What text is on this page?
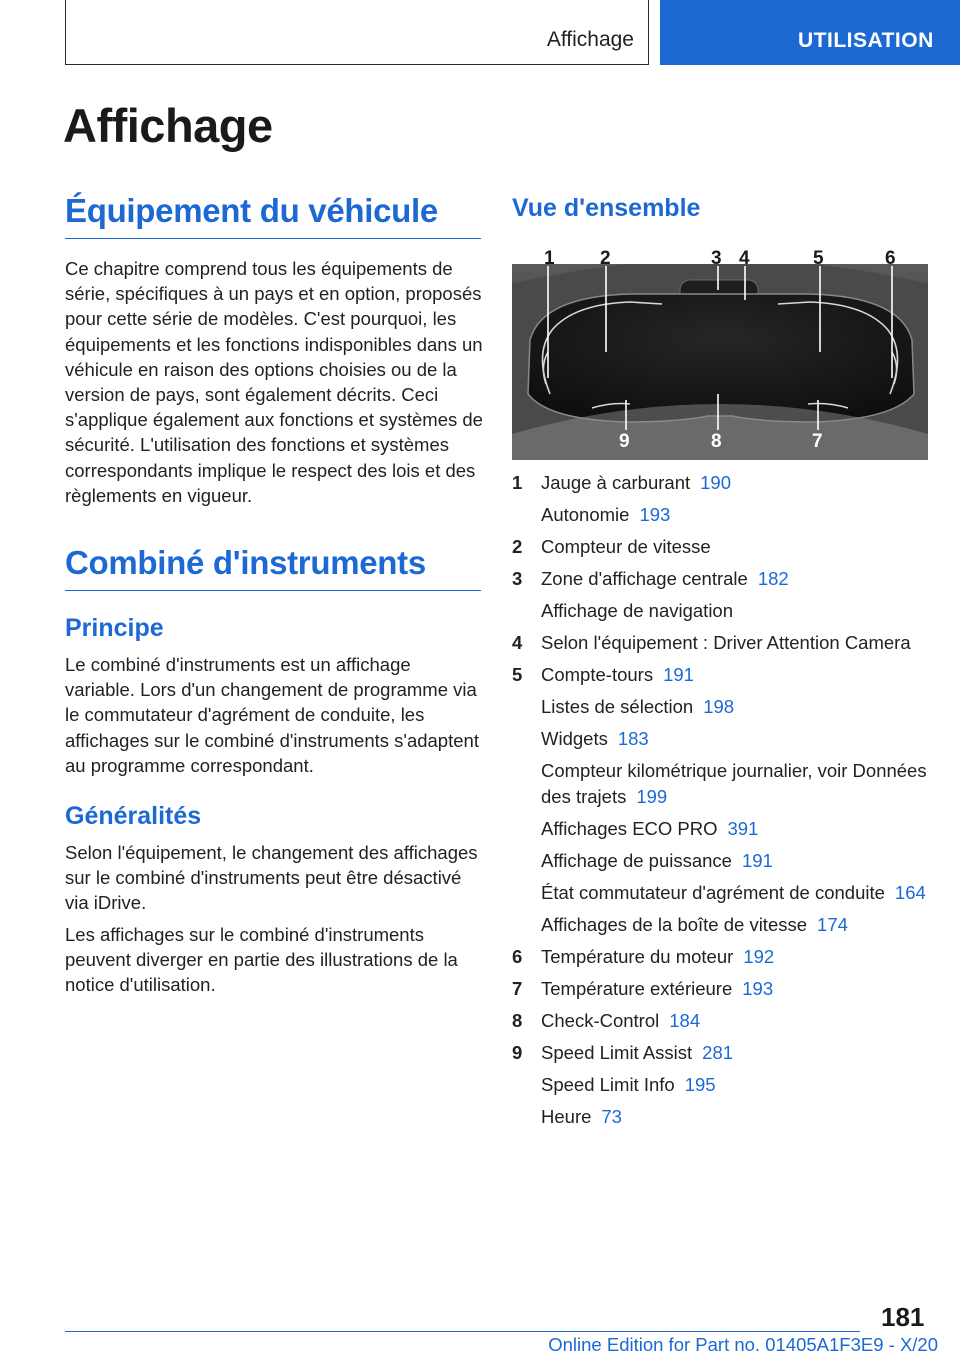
Affichage	UTILISATION
Affichage
Équipement du véhicule

Ce chapitre comprend tous les équipements de série, spécifiques à un pays et en option, proposés pour cette série de modèles. C'est pourquoi, les équipements et les fonctions indisponibles dans un véhicule en raison des options choisies ou de la version de pays, sont également décrits. Ceci s'applique également aux fonctions et systèmes de sécurité. L'utilisation des fonctions et systèmes correspondants implique le respect des lois et des règlements en vigueur.

Combiné d'instruments
Principe

Le combiné d'instruments est un affichage variable. Lors d'un changement de programme via le commutateur d'agrément de conduite, les affichages sur le combiné d'instruments s'adaptent au programme correspondant.

Généralités

Selon l'équipement, le changement des affichages sur le combiné d'instruments peut être désactivé via iDrive.

Les affichages sur le combiné d'instruments peuvent diverger en partie des illustrations de la notice d'utilisation.

Vue d'ensemble
1 2	3 4	5	6
9	8	7
1	Jauge à carburant 190
Autonomie 193
2	Compteur de vitesse
3	Zone d'affichage centrale 182
Affichage de navigation
4	Selon l'équipement : Driver Attention Camera
5	Compte-tours 191
Listes de sélection 198
Widgets 183
Compteur kilométrique journalier, voir Données des trajets 199
Affichages ECO PRO 391
Affichage de puissance 191
État commutateur d'agrément de conduite 164
Affichages de la boîte de vitesse 174
6	Température du moteur 192
7	Température extérieure 193
8	Check-Control 184
9	Speed Limit Assist 281
Speed Limit Info 195
Heure 73
181
Online Edition for Part no. 01405A1F3E9 - X/20
